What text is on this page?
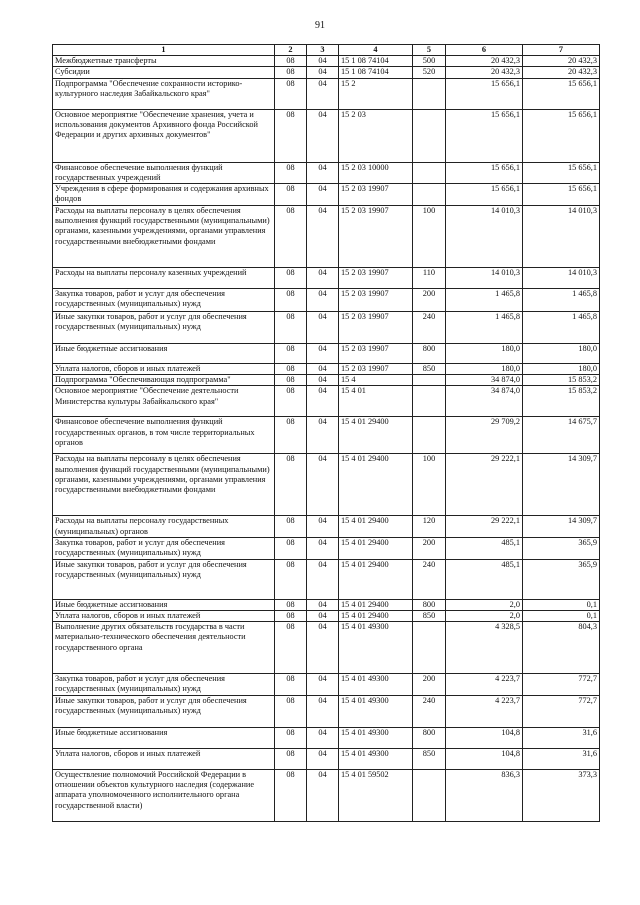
91
1	2	3	4	5	6	7
Межбюджетные трансферты	08	04	15 1 08 74104	500	20 432,3	20 432,3
Субсидии	08	04	15 1 08 74104	520	20 432,3	20 432,3
Подпрограмма "Обеспечение сохранности историко-культурного наследия Забайкальского края"	08	04	15 2		15 656,1	15 656,1
Основное мероприятие "Обеспечение хранения, учета и использования документов Архивного фонда Российской Федерации и других архивных документов"	08	04	15 2 03		15 656,1	15 656,1
Финансовое обеспечение выполнения функций государственных учреждений	08	04	15 2 03 10000		15 656,1	15 656,1
Учреждения в сфере формирования и содержания архивных фондов	08	04	15 2 03 19907		15 656,1	15 656,1
Расходы на выплаты персоналу в целях обеспечения выполнения функций государственными (муниципальными) органами, казенными учреждениями, органами управления государственными внебюджетными фондами	08	04	15 2 03 19907	100	14 010,3	14 010,3
Расходы на выплаты персоналу казенных учреждений	08	04	15 2 03 19907	110	14 010,3	14 010,3
Закупка товаров, работ и услуг для обеспечения государственных (муниципальных) нужд	08	04	15 2 03 19907	200	1 465,8	1 465,8
Иные закупки товаров, работ и услуг для обеспечения государственных (муниципальных) нужд	08	04	15 2 03 19907	240	1 465,8	1 465,8
Иные бюджетные ассигнования	08	04	15 2 03 19907	800	180,0	180,0
Уплата налогов, сборов и иных платежей	08	04	15 2 03 19907	850	180,0	180,0
Подпрограмма "Обеспечивающая подпрограмма"	08	04	15 4		34 874,0	15 853,2
Основное мероприятие "Обеспечение деятельности Министерства культуры Забайкальского края"	08	04	15 4 01		34 874,0	15 853,2
Финансовое обеспечение выполнения функций государственных органов, в том числе территориальных органов	08	04	15 4 01 29400		29 709,2	14 675,7
Расходы на выплаты персоналу в целях обеспечения выполнения функций государственными (муниципальными) органами, казенными учреждениями, органами управления государственными внебюджетными фондами	08	04	15 4 01 29400	100	29 222,1	14 309,7
Расходы на выплаты персоналу государственных (муниципальных) органов	08	04	15 4 01 29400	120	29 222,1	14 309,7
Закупка товаров, работ и услуг для обеспечения государственных (муниципальных) нужд	08	04	15 4 01 29400	200	485,1	365,9
Иные закупки товаров, работ и услуг для обеспечения государственных (муниципальных) нужд	08	04	15 4 01 29400	240	485,1	365,9
Иные бюджетные ассигнования	08	04	15 4 01 29400	800	2,0	0,1
Уплата налогов, сборов и иных платежей	08	04	15 4 01 29400	850	2,0	0,1
Выполнение других обязательств государства в части материально-технического обеспечения деятельности государственного органа	08	04	15 4 01 49300		4 328,5	804,3
Закупка товаров, работ и услуг для обеспечения государственных (муниципальных) нужд	08	04	15 4 01 49300	200	4 223,7	772,7
Иные закупки товаров, работ и услуг для обеспечения государственных (муниципальных) нужд	08	04	15 4 01 49300	240	4 223,7	772,7
Иные бюджетные ассигнования	08	04	15 4 01 49300	800	104,8	31,6
Уплата налогов, сборов и иных платежей	08	04	15 4 01 49300	850	104,8	31,6
Осуществление полномочий Российской Федерации в отношении объектов культурного наследия (содержание аппарата уполномоченного исполнительного органа государственной власти)	08	04	15 4 01 59502		836,3	373,3
